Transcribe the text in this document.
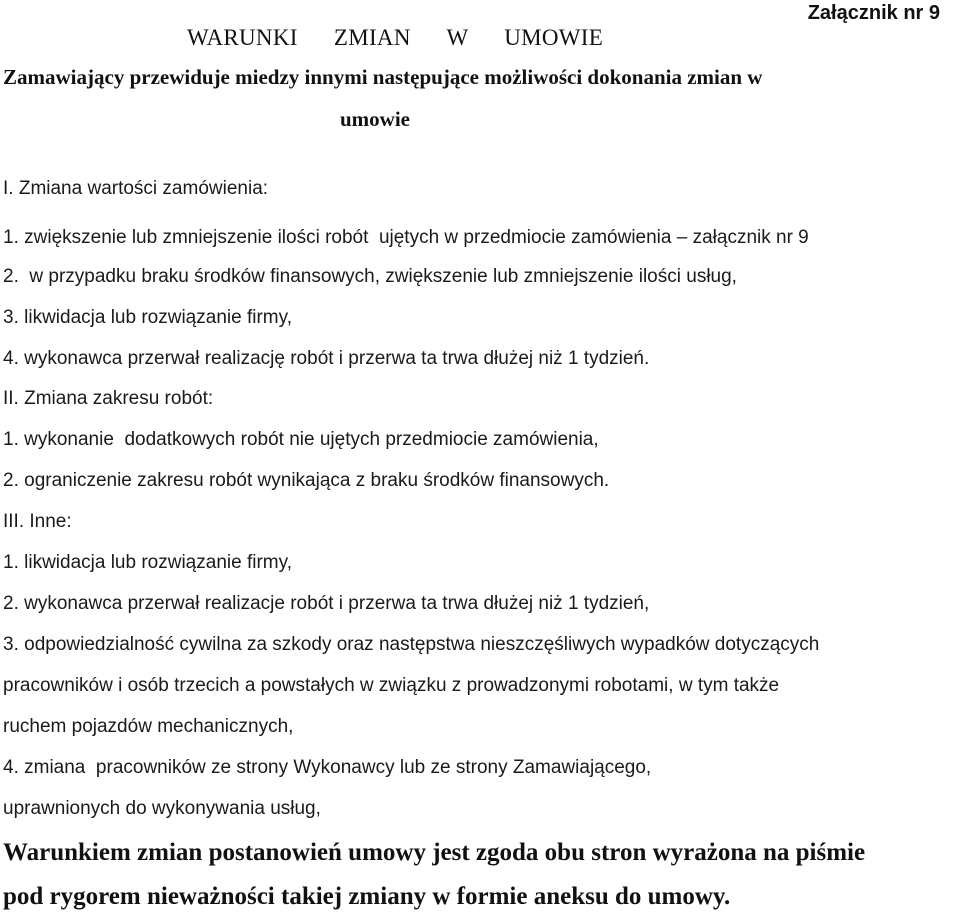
Załącznik nr 9
WARUNKI   ZMIAN   W   UMOWIE
Zamawiający przewiduje miedzy innymi następujące możliwości dokonania zmian w
umowie
I. Zmiana wartości zamówienia:
1. zwiększenie lub zmniejszenie ilości robót  ujętych w przedmiocie zamówienia – załącznik nr 9
2.  w przypadku braku środków finansowych, zwiększenie lub zmniejszenie ilości usług,
3. likwidacja lub rozwiązanie firmy,
4. wykonawca przerwał realizację robót i przerwa ta trwa dłużej niż 1 tydzień.
II. Zmiana zakresu robót:
1. wykonanie  dodatkowych robót nie ujętych przedmiocie zamówienia,
2. ograniczenie zakresu robót wynikająca z braku środków finansowych.
III. Inne:
1. likwidacja lub rozwiązanie firmy,
2. wykonawca przerwał realizacje robót i przerwa ta trwa dłużej niż 1 tydzień,
3. odpowiedzialność cywilna za szkody oraz następstwa nieszczęśliwych wypadków dotyczących
pracowników i osób trzecich a powstałych w związku z prowadzonymi robotami, w tym także
ruchem pojazdów mechanicznych,
4. zmiana  pracowników ze strony Wykonawcy lub ze strony Zamawiającego,
uprawnionych do wykonywania usług,
Warunkiem zmian postanowień umowy jest zgoda obu stron wyrażona na piśmie
pod rygorem nieważności takiej zmiany w formie aneksu do umowy.
